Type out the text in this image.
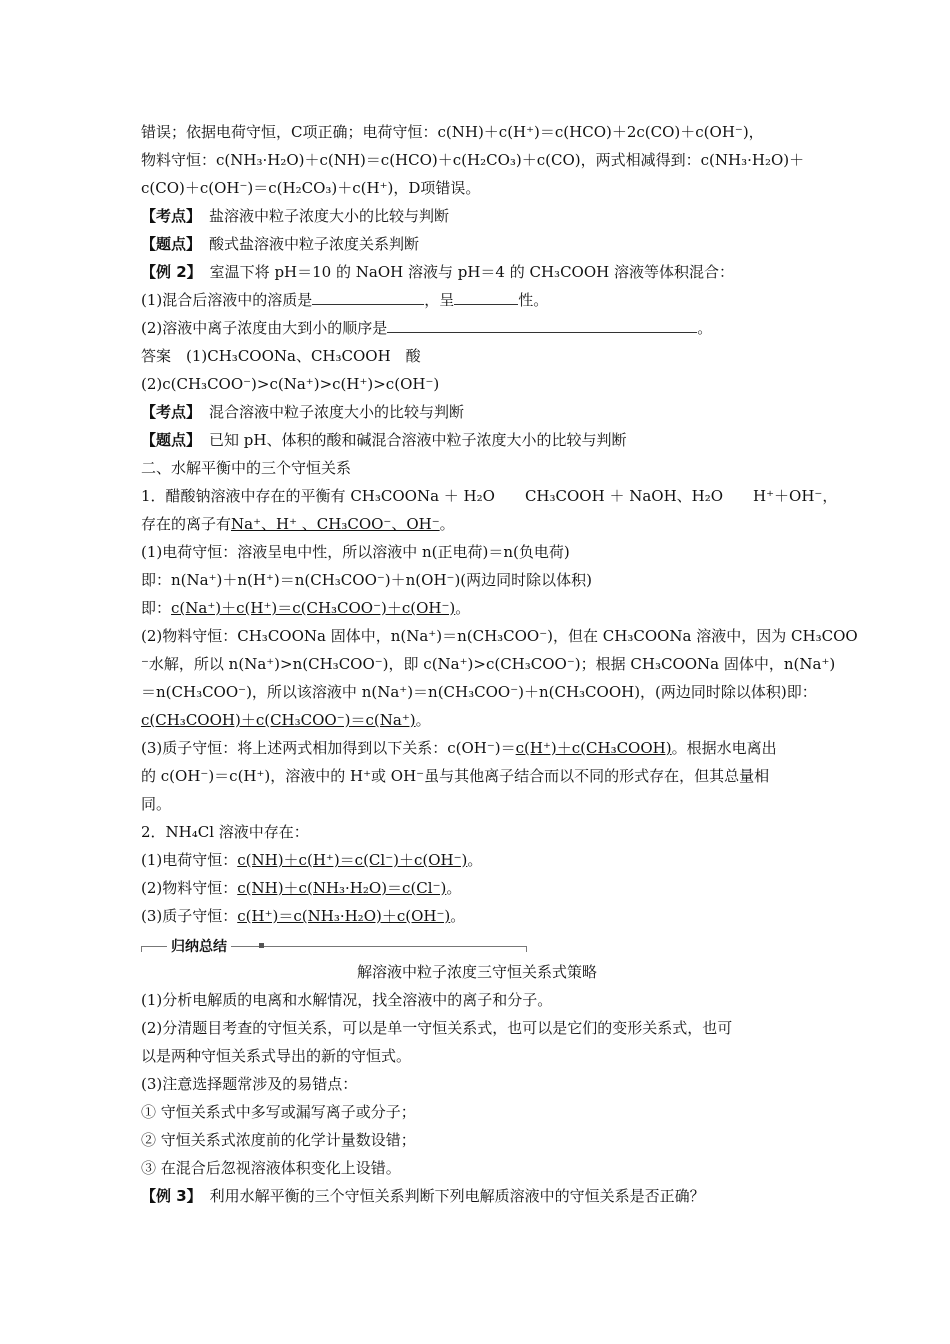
错误；依据电荷守恒，C项正确；电荷守恒：c(NH)＋c(H⁺)＝c(HCO)＋2c(CO)＋c(OH⁻)，
物料守恒：c(NH₃·H₂O)＋c(NH)＝c(HCO)＋c(H₂CO₃)＋c(CO)，两式相减得到：c(NH₃·H₂O)＋
c(CO)＋c(OH⁻)＝c(H₂CO₃)＋c(H⁺)，D项错误。
【考点】 盐溶液中粒子浓度大小的比较与判断
【题点】 酸式盐溶液中粒子浓度关系判断
【例 2】 室温下将 pH＝10 的 NaOH 溶液与 pH＝4 的 CH₃COOH 溶液等体积混合：
(1)混合后溶液中的溶质是	，呈	性。
(2)溶液中离子浓度由大到小的顺序是	。
答案　(1)CH₃COONa、CH₃COOH　酸
(2)c(CH₃COO⁻)>c(Na⁺)>c(H⁺)>c(OH⁻)
【考点】 混合溶液中粒子浓度大小的比较与判断
【题点】 已知 pH、体积的酸和碱混合溶液中粒子浓度大小的比较与判断
二、水解平衡中的三个守恒关系
1．醋酸钠溶液中存在的平衡有 CH₃COONa ＋ H₂O　　CH₃COOH ＋ NaOH、H₂O　　H⁺＋OH⁻，
存在的离子有Na⁺、H⁺ 、CH₃COO⁻、OH⁻。
(1)电荷守恒：溶液呈电中性，所以溶液中 n(正电荷)＝n(负电荷)
即：n(Na⁺)＋n(H⁺)＝n(CH₃COO⁻)＋n(OH⁻)(两边同时除以体积)
即：c(Na⁺)＋c(H⁺)＝c(CH₃COO⁻)＋c(OH⁻)。
(2)物料守恒：CH₃COONa 固体中，n(Na⁺)＝n(CH₃COO⁻)，但在 CH₃COONa 溶液中，因为 CH₃COO
⁻水解，所以 n(Na⁺)>n(CH₃COO⁻)，即 c(Na⁺)>c(CH₃COO⁻)；根据 CH₃COONa 固体中，n(Na⁺)
＝n(CH₃COO⁻)，所以该溶液中 n(Na⁺)＝n(CH₃COO⁻)＋n(CH₃COOH)，(两边同时除以体积)即：
c(CH₃COOH)＋c(CH₃COO⁻)＝c(Na⁺)。
(3)质子守恒：将上述两式相加得到以下关系：c(OH⁻)＝c(H⁺)＋c(CH₃COOH)。根据水电离出
的 c(OH⁻)＝c(H⁺)，溶液中的 H⁺或 OH⁻虽与其他离子结合而以不同的形式存在，但其总量相
同。
2．NH₄Cl 溶液中存在：
(1)电荷守恒：c(NH)＋c(H⁺)＝c(Cl⁻)＋c(OH⁻)。
(2)物料守恒：c(NH)＋c(NH₃·H₂O)＝c(Cl⁻)。
(3)质子守恒：c(H⁺)＝c(NH₃·H₂O)＋c(OH⁻)。
归纳总结
解溶液中粒子浓度三守恒关系式策略
(1)分析电解质的电离和水解情况，找全溶液中的离子和分子。
(2)分清题目考查的守恒关系，可以是单一守恒关系式，也可以是它们的变形关系式，也可
以是两种守恒关系式导出的新的守恒式。
(3)注意选择题常涉及的易错点：
① 守恒关系式中多写或漏写离子或分子；
② 守恒关系式浓度前的化学计量数设错；
③ 在混合后忽视溶液体积变化上设错。
【例 3】 利用水解平衡的三个守恒关系判断下列电解质溶液中的守恒关系是否正确？
